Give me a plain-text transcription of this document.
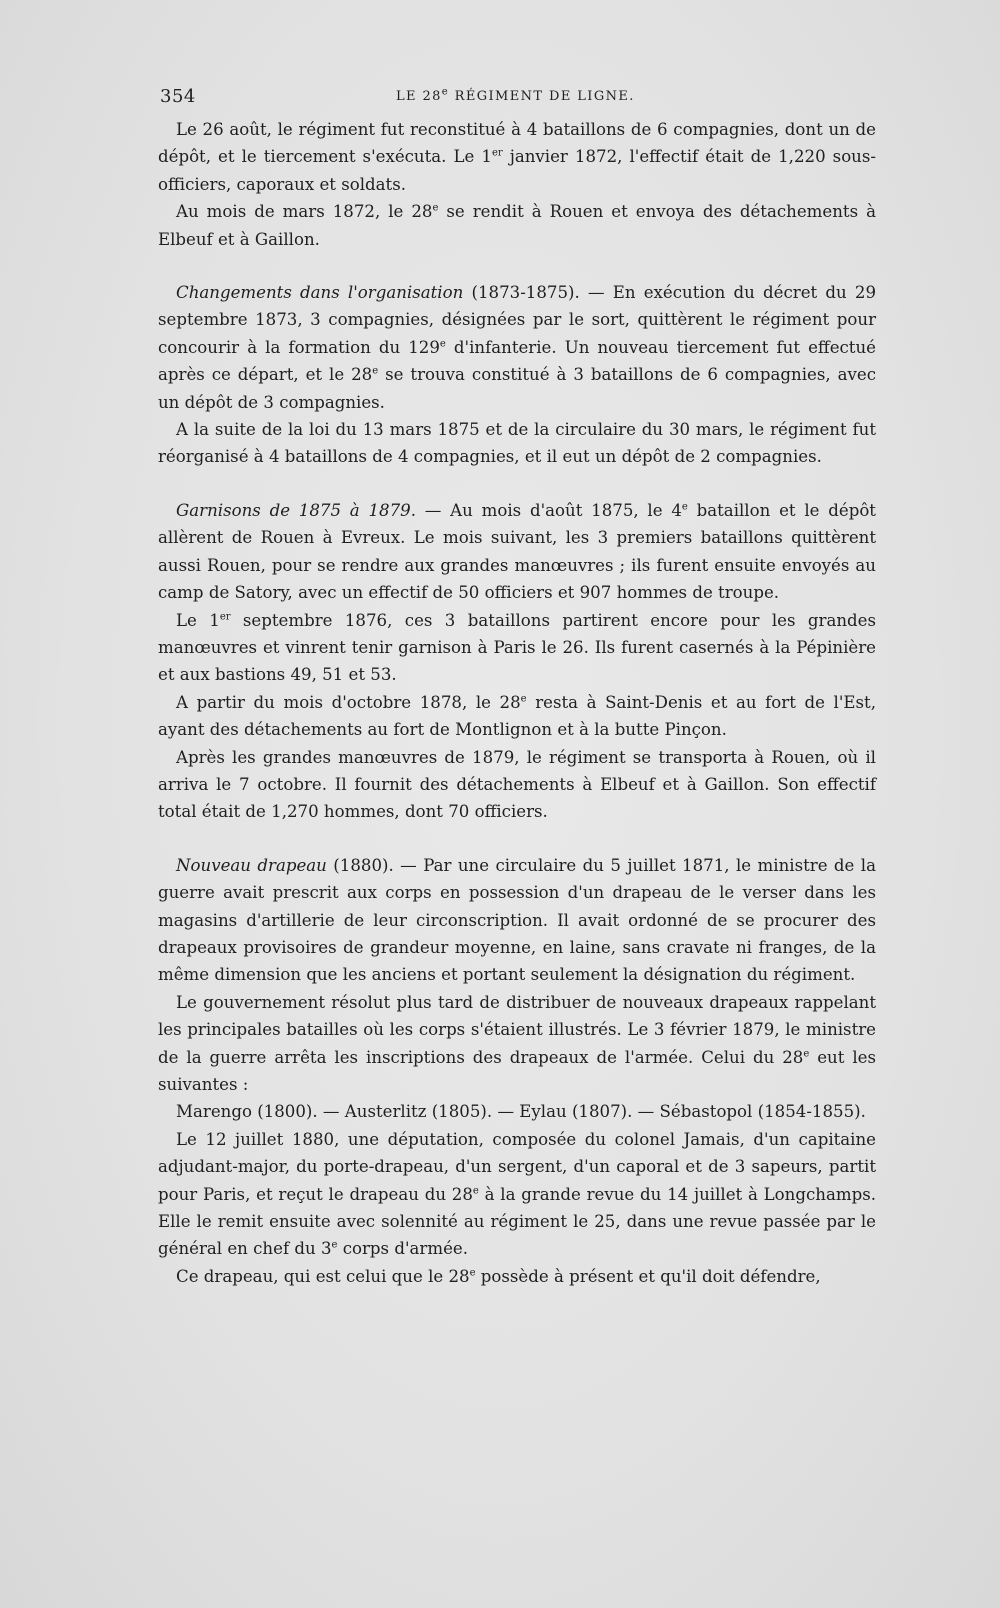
354	LE 28e RÉGIMENT DE LIGNE.

Le 26 août, le régiment fut reconstitué à 4 bataillons de 6 compagnies, dont un de dépôt, et le tiercement s'exécuta. Le 1er janvier 1872, l'effectif était de 1,220 sous-officiers, caporaux et soldats.

Au mois de mars 1872, le 28e se rendit à Rouen et envoya des détachements à Elbeuf et à Gaillon.

Changements dans l'organisation (1873-1875). — En exécution du décret du 29 septembre 1873, 3 compagnies, désignées par le sort, quittèrent le régiment pour concourir à la formation du 129e d'infanterie. Un nouveau tiercement fut effectué après ce départ, et le 28e se trouva constitué à 3 bataillons de 6 compagnies, avec un dépôt de 3 compagnies.

A la suite de la loi du 13 mars 1875 et de la circulaire du 30 mars, le régiment fut réorganisé à 4 bataillons de 4 compagnies, et il eut un dépôt de 2 compagnies.

Garnisons de 1875 à 1879. — Au mois d'août 1875, le 4e bataillon et le dépôt allèrent de Rouen à Evreux. Le mois suivant, les 3 premiers bataillons quittèrent aussi Rouen, pour se rendre aux grandes manœuvres ; ils furent ensuite envoyés au camp de Satory, avec un effectif de 50 officiers et 907 hommes de troupe.

Le 1er septembre 1876, ces 3 bataillons partirent encore pour les grandes manœuvres et vinrent tenir garnison à Paris le 26. Ils furent casernés à la Pépinière et aux bastions 49, 51 et 53.

A partir du mois d'octobre 1878, le 28e resta à Saint-Denis et au fort de l'Est, ayant des détachements au fort de Montlignon et à la butte Pinçon.

Après les grandes manœuvres de 1879, le régiment se transporta à Rouen, où il arriva le 7 octobre. Il fournit des détachements à Elbeuf et à Gaillon. Son effectif total était de 1,270 hommes, dont 70 officiers.

Nouveau drapeau (1880). — Par une circulaire du 5 juillet 1871, le ministre de la guerre avait prescrit aux corps en possession d'un drapeau de le verser dans les magasins d'artillerie de leur circonscription. Il avait ordonné de se procurer des drapeaux provisoires de grandeur moyenne, en laine, sans cravate ni franges, de la même dimension que les anciens et portant seulement la désignation du régiment.

Le gouvernement résolut plus tard de distribuer de nouveaux drapeaux rappelant les principales batailles où les corps s'étaient illustrés. Le 3 février 1879, le ministre de la guerre arrêta les inscriptions des drapeaux de l'armée. Celui du 28e eut les suivantes :

Marengo (1800). — Austerlitz (1805). — Eylau (1807). — Sébastopol (1854-1855).

Le 12 juillet 1880, une députation, composée du colonel Jamais, d'un capitaine adjudant-major, du porte-drapeau, d'un sergent, d'un caporal et de 3 sapeurs, partit pour Paris, et reçut le drapeau du 28e à la grande revue du 14 juillet à Longchamps. Elle le remit ensuite avec solennité au régiment le 25, dans une revue passée par le général en chef du 3e corps d'armée.

Ce drapeau, qui est celui que le 28e possède à présent et qu'il doit défendre,
